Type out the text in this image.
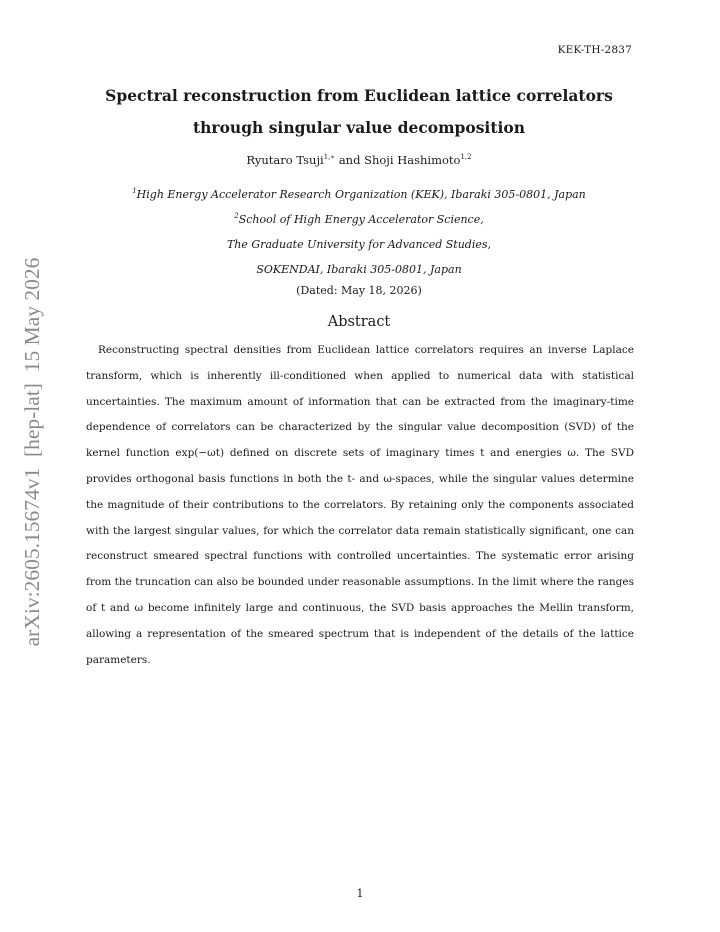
KEK-TH-2837
Spectral reconstruction from Euclidean lattice correlators
through singular value decomposition
Ryutaro Tsuji$^{1,∗}$ and Shoji Hashimoto$^{1,2}$
$^1$High Energy Accelerator Research Organization (KEK), Ibaraki 305-0801, Japan
$^2$School of High Energy Accelerator Science,
The Graduate University for Advanced Studies,
SOKENDAI, Ibaraki 305-0801, Japan
(Dated: May 18, 2026)
Abstract

Reconstructing spectral densities from Euclidean lattice correlators requires an inverse Laplace transform, which is inherently ill-conditioned when applied to numerical data with statistical uncertainties. The maximum amount of information that can be extracted from the imaginary-time dependence of correlators can be characterized by the singular value decomposition (SVD) of the kernel function exp(−ωt) defined on discrete sets of imaginary times t and energies ω. The SVD provides orthogonal basis functions in both the t- and ω-spaces, while the singular values determine the magnitude of their contributions to the correlators. By retaining only the components associated with the largest singular values, for which the correlator data remain statistically significant, one can reconstruct smeared spectral functions with controlled uncertainties. The systematic error arising from the truncation can also be bounded under reasonable assumptions. In the limit where the ranges of t and ω become infinitely large and continuous, the SVD basis approaches the Mellin transform, allowing a representation of the smeared spectrum that is independent of the details of the lattice parameters.

arXiv:2605.15674v1  [hep-lat]  15 May 2026
1
